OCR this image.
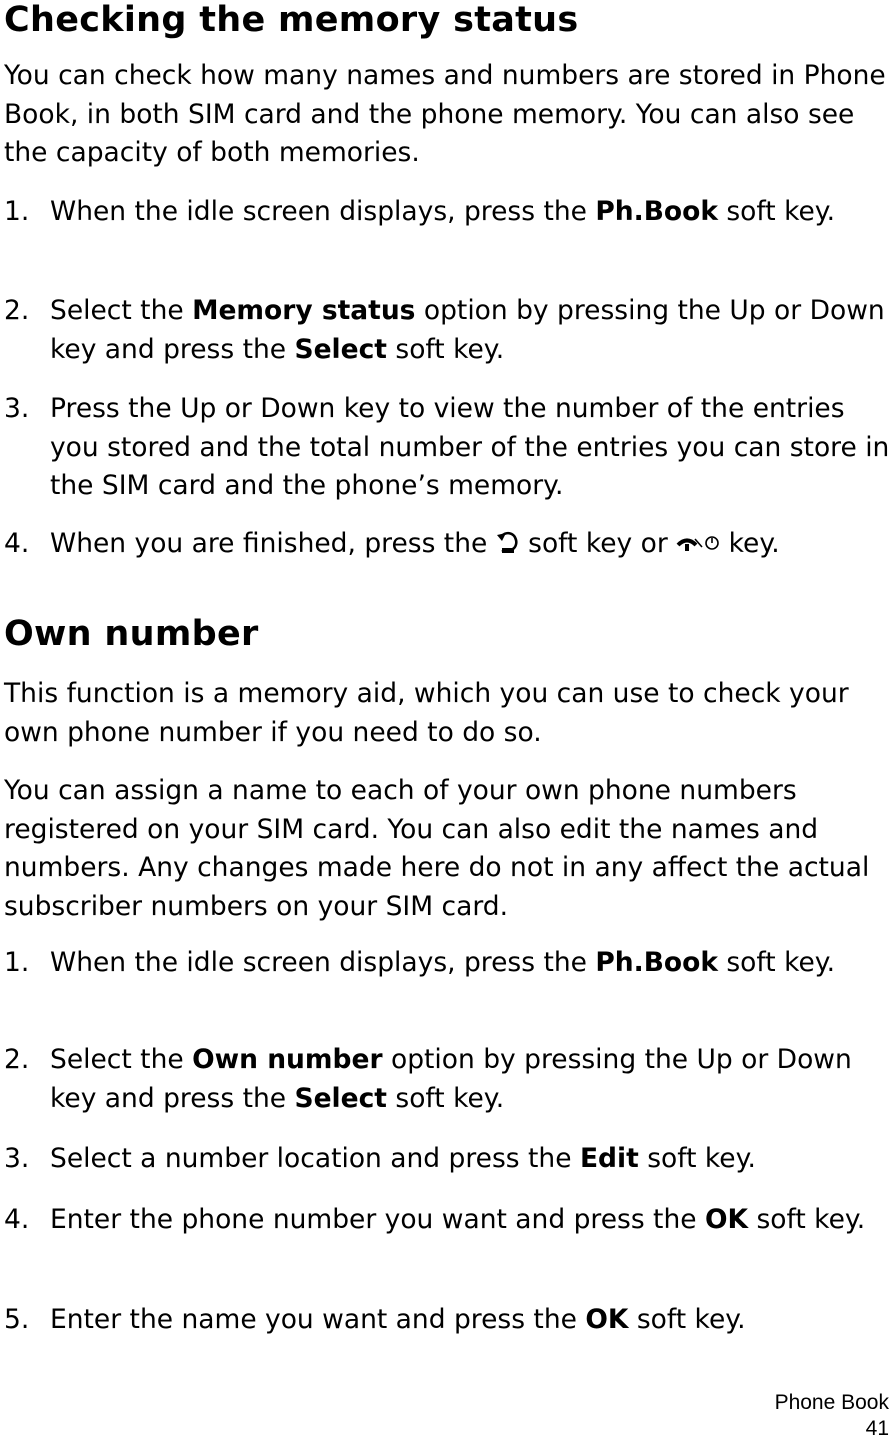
Checking the memory status

You can check how many names and numbers are stored in Phone Book, in both SIM card and the phone memory. You can also see the capacity of both memories.

1. When the idle screen displays, press the Ph.Book soft key.
2. Select the Memory status option by pressing the Up or Down key and press the Select soft key.
3. Press the Up or Down key to view the number of the entries you stored and the total number of the entries you can store in the SIM card and the phone’s memory.
4. When you are finished, press the  soft key or  key.
Own number

This function is a memory aid, which you can use to check your own phone number if you need to do so.

You can assign a name to each of your own phone numbers registered on your SIM card. You can also edit the names and numbers. Any changes made here do not in any affect the actual subscriber numbers on your SIM card.

1. When the idle screen displays, press the Ph.Book soft key.
2. Select the Own number option by pressing the Up or Down key and press the Select soft key.
3. Select a number location and press the Edit soft key.
4. Enter the phone number you want and press the OK soft key.
5. Enter the name you want and press the OK soft key.
Phone Book
41
